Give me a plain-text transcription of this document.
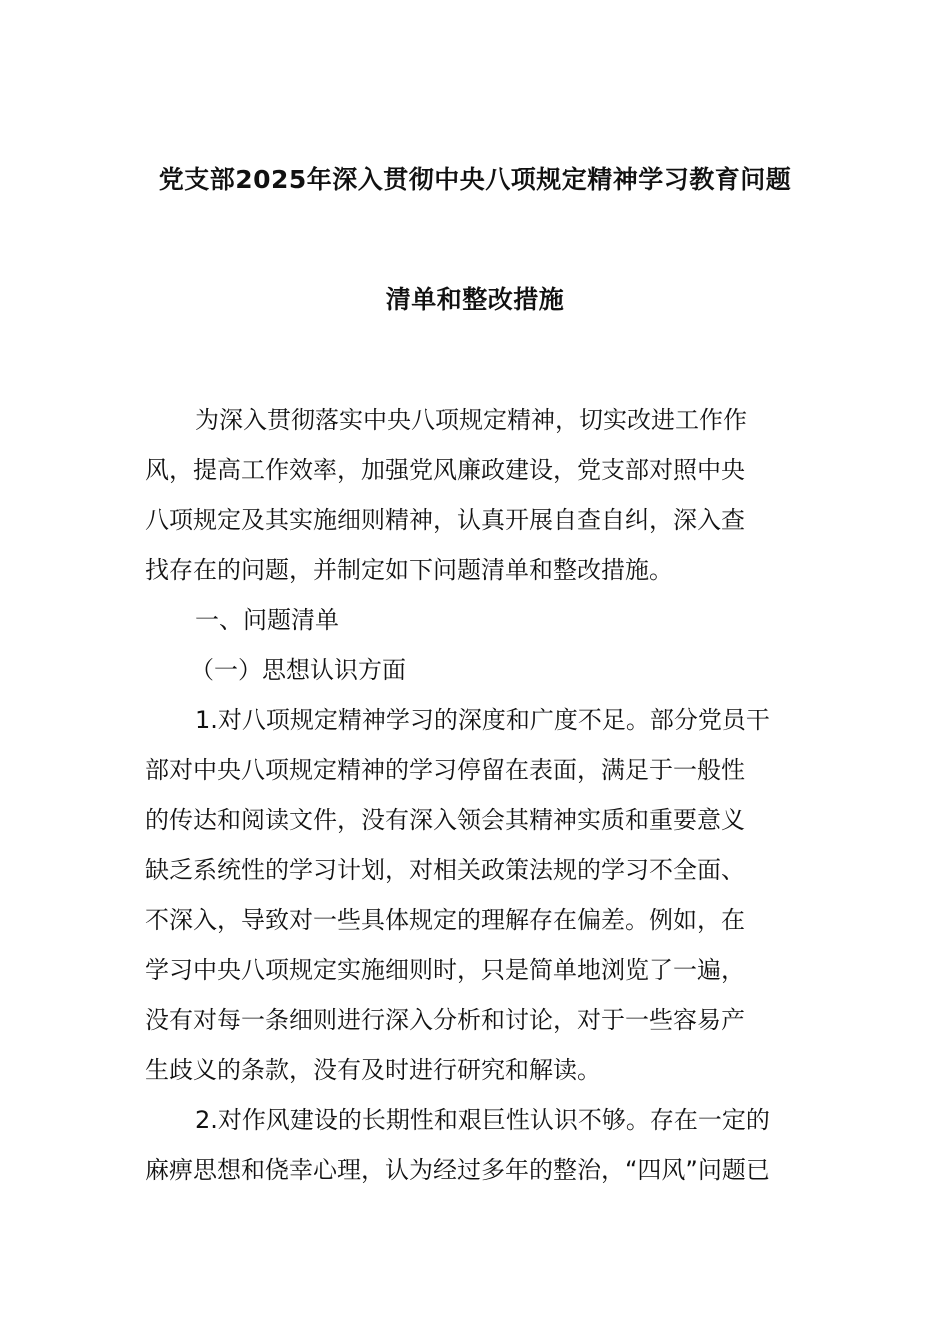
党支部2025年深入贯彻中央八项规定精神学习教育问题
清单和整改措施
为深入贯彻落实中央八项规定精神，切实改进工作作
风，提高工作效率，加强党风廉政建设，党支部对照中央
八项规定及其实施细则精神，认真开展自查自纠，深入查
找存在的问题，并制定如下问题清单和整改措施。
一、问题清单
（一）思想认识方面
1.对八项规定精神学习的深度和广度不足。部分党员干
部对中央八项规定精神的学习停留在表面，满足于一般性
的传达和阅读文件，没有深入领会其精神实质和重要意义
缺乏系统性的学习计划，对相关政策法规的学习不全面、
不深入，导致对一些具体规定的理解存在偏差。例如，在
学习中央八项规定实施细则时，只是简单地浏览了一遍，
没有对每一条细则进行深入分析和讨论，对于一些容易产
生歧义的条款，没有及时进行研究和解读。
2.对作风建设的长期性和艰巨性认识不够。存在一定的
麻痹思想和侥幸心理，认为经过多年的整治，“四风”问题已
